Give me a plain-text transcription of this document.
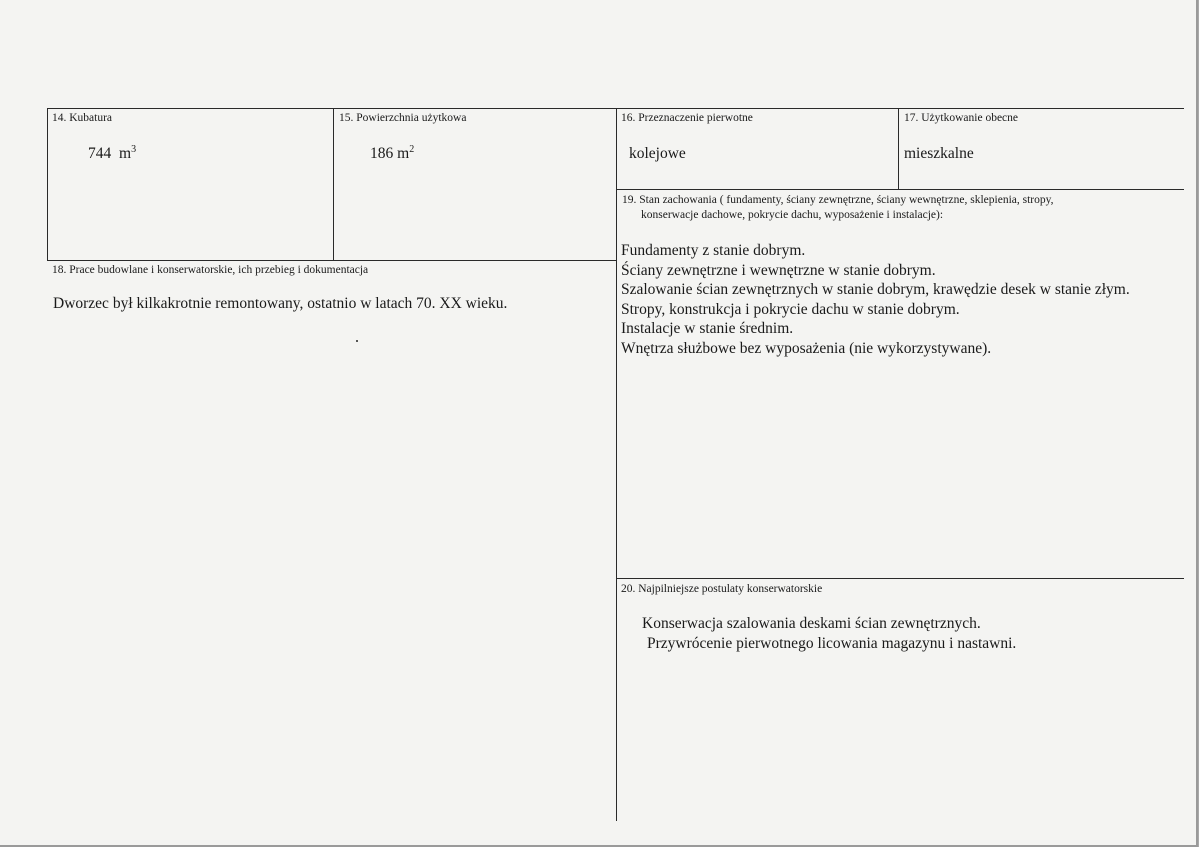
14. Kubatura
744 $m^3$
15. Powierzchnia użytkowa
186 $m^2$
16. Przeznaczenie pierwotne
kolejowe
17. Użytkowanie obecne
mieszkalne
18. Prace budowlane i konserwatorskie, ich przebieg i dokumentacja
Dworzec był kilkakrotnie remontowany, ostatnio w latach 70. XX wieku.
19. Stan zachowania ( fundamenty, ściany zewnętrzne, ściany wewnętrzne, sklepienia, stropy,
konserwacje dachowe, pokrycie dachu, wyposażenie i instalacje):
Fundamenty z stanie dobrym.
Ściany zewnętrzne i wewnętrzne w stanie dobrym.
Szalowanie ścian zewnętrznych w stanie dobrym, krawędzie desek w stanie złym.
Stropy, konstrukcja i pokrycie dachu w stanie dobrym.
Instalacje w stanie średnim.
Wnętrza służbowe bez wyposażenia (nie wykorzystywane).
20. Najpilniejsze postulaty konserwatorskie
Konserwacja szalowania deskami ścian zewnętrznych.
Przywrócenie pierwotnego licowania magazynu i nastawni.
